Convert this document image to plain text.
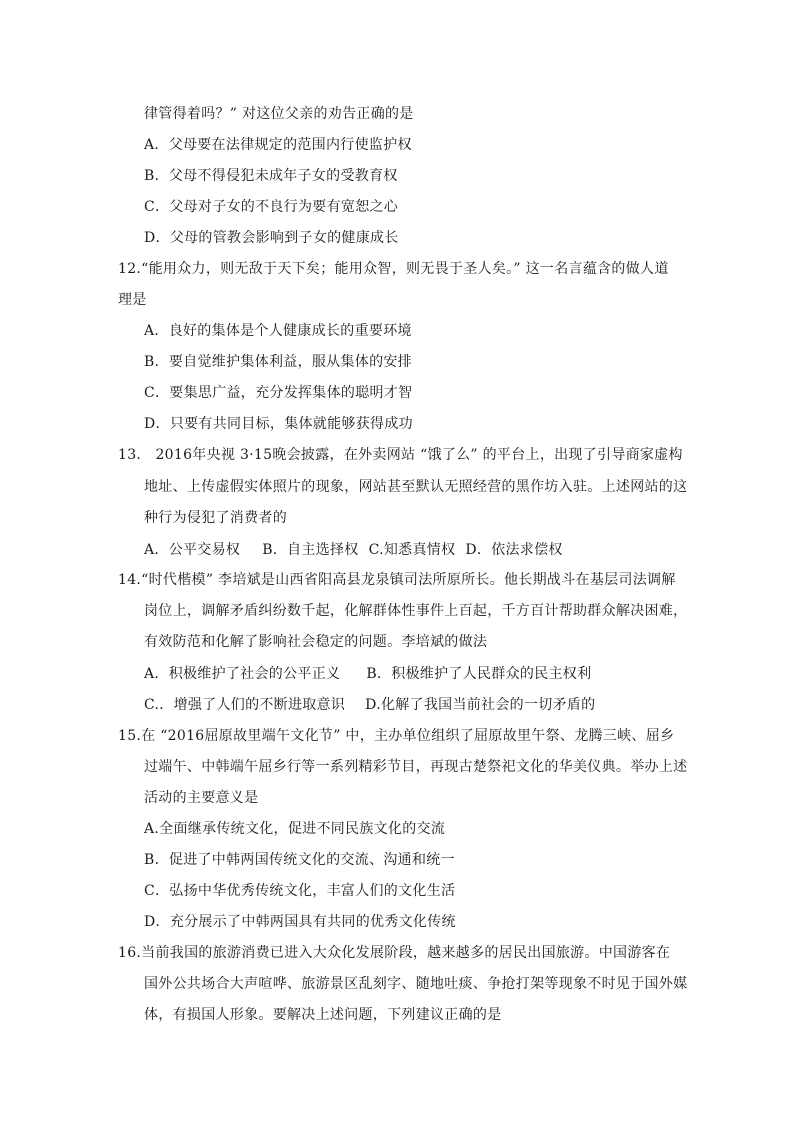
律管得着吗？” 对这位父亲的劝告正确的是
A．父母要在法律规定的范围内行使监护权
B．父母不得侵犯未成年子女的受教育权
C．父母对子女的不良行为要有宽恕之心
D．父母的管教会影响到子女的健康成长
12.“能用众力，则无敌于天下矣；能用众智，则无畏于圣人矣。” 这一名言蕴含的做人道
理是
A．良好的集体是个人健康成长的重要环境
B．要自觉维护集体利益，服从集体的安排
C．要集思广益，充分发挥集体的聪明才智
D．只要有共同目标，集体就能够获得成功
13.　2016年央视 3·15晚会披露，在外卖网站 “饿了么” 的平台上，出现了引导商家虚构
地址、上传虚假实体照片的现象，网站甚至默认无照经营的黑作坊入驻。上述网站的这
种行为侵犯了消费者的
A．公平交易权 B．自主选择权 C.知悉真情权 D．依法求偿权
14.“时代楷模” 李培斌是山西省阳高县龙泉镇司法所原所长。他长期战斗在基层司法调解
岗位上，调解矛盾纠纷数千起，化解群体性事件上百起，千方百计帮助群众解决困难，
有效防范和化解了影响社会稳定的问题。李培斌的做法
A．积极维护了社会的公平正义 B．积极维护了人民群众的民主权利
C.．增强了人们的不断进取意识 D.化解了我国当前社会的一切矛盾的
15.在 “2016屈原故里端午文化节” 中，主办单位组织了屈原故里午祭、龙腾三峡、屈乡
过端午、中韩端午屈乡行等一系列精彩节目，再现古楚祭祀文化的华美仪典。举办上述
活动的主要意义是
A.全面继承传统文化，促进不同民族文化的交流
B．促进了中韩两国传统文化的交流、沟通和统一
C．弘扬中华优秀传统文化，丰富人们的文化生活
D．充分展示了中韩两国具有共同的优秀文化传统
16.当前我国的旅游消费已进入大众化发展阶段，越来越多的居民出国旅游。中国游客在
国外公共场合大声喧哗、旅游景区乱刻字、随地吐痰、争抢打架等现象不时见于国外媒
体，有损国人形象。要解决上述问题，下列建议正确的是
